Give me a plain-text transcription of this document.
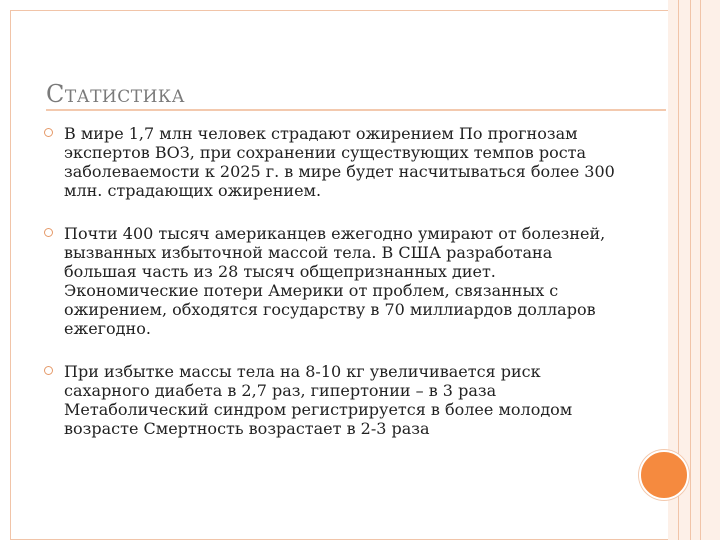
Статистика
В мире 1,7 млн человек страдают ожирением По прогнозам экспертов ВОЗ, при сохранении существующих темпов роста заболеваемости к 2025 г. в мире будет насчитываться более 300 млн. страдающих ожирением.
Почти 400 тысяч американцев ежегодно умирают от болезней, вызванных избыточной массой тела. В США разработана большая часть из 28 тысяч общепризнанных диет. Экономические потери Америки от проблем, связанных с ожирением, обходятся государству в 70 миллиардов долларов ежегодно.
При избытке массы тела на 8-10 кг увеличивается риск сахарного диабета в 2,7 раз, гипертонии – в 3 раза Метаболический синдром регистрируется в более молодом возрасте Смертность возрастает в 2-3 раза
